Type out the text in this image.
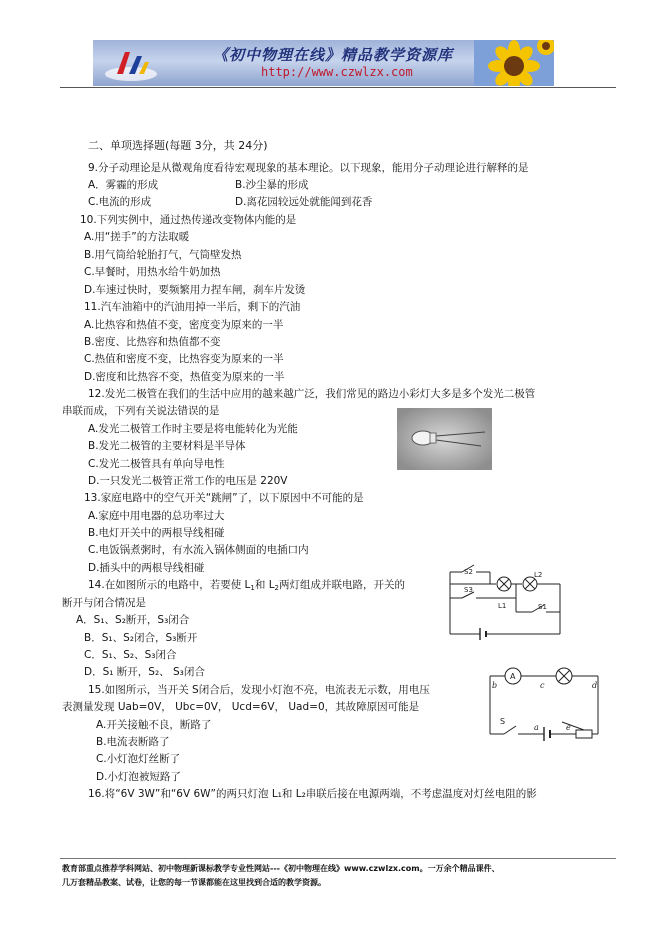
《初中物理在线》精品教学资源库
http://www.czwlzx.com
二、单项选择题(每题 3分，共 24分)
9.分子动理论是从微观角度看待宏观现象的基本理论。以下现象，能用分子动理论进行解释的是
A．雾霾的形成	B.沙尘暴的形成
C.电流的形成	D.离花园较远处就能闻到花香
10.下列实例中，通过热传递改变物体内能的是
A.用“搓手”的方法取暖
B.用气筒给轮胎打气，气筒壁发热
C.早餐时，用热水给牛奶加热
D.车速过快时，要频繁用力捏车闸，刹车片发烫
11.汽车油箱中的汽油用掉一半后，剩下的汽油
A.比热容和热值不变，密度变为原来的一半
B.密度、比热容和热值都不变
C.热值和密度不变，比热容变为原来的一半
D.密度和比热容不变，热值变为原来的一半
12.发光二极管在我们的生活中应用的越来越广泛，我们常见的路边小彩灯大多是多个发光二极管
串联而成，下列有关说法错误的是
A.发光二极管工作时主要是将电能转化为光能
B.发光二极管的主要材料是半导体
C.发光二极管具有单向导电性
D.一只发光二极管正常工作的电压是 220V
13.家庭电路中的空气开关“跳闸”了，以下原因中不可能的是
A.家庭中用电器的总功率过大
B.电灯开关中的两根导线相碰
C.电饭锅煮粥时，有水流入锅体侧面的电插口内
D.插头中的两根导线相碰
14.在如图所示的电路中，若要使 $L_1$和 $L_2$两灯组成并联电路，开关的
断开与闭合情况是
A．S₁、S₂断开，S₃闭合
B．S₁、S₂闭合，S₃断开
C．S₁、S₂、S₃闭合
D．S₁ 断开，S₂、 S₃闭合
S2
S3
L2
L1	S1
15.如图所示，当开关 S闭合后，发现小灯泡不亮，电流表无示数，用电压
表测量发现 Uab=0V， Ubc=0V， Ucd=6V， Uad=0，其故障原因可能是
A.开关接触不良，断路了
B.电流表断路了
C.小灯泡灯丝断了
D.小灯泡被短路了
A
b	c	d
S
a	e
16.将“6V 3W”和“6V 6W”的两只灯泡 L₁和 L₂串联后接在电源两端，不考虑温度对灯丝电阻的影
教育部重点推荐学科网站、初中物理新课标教学专业性网站---《初中物理在线》www.czwlzx.com。一万余个精品课件、
几万套精品教案、试卷，让您的每一节课都能在这里找到合适的教学资源。
